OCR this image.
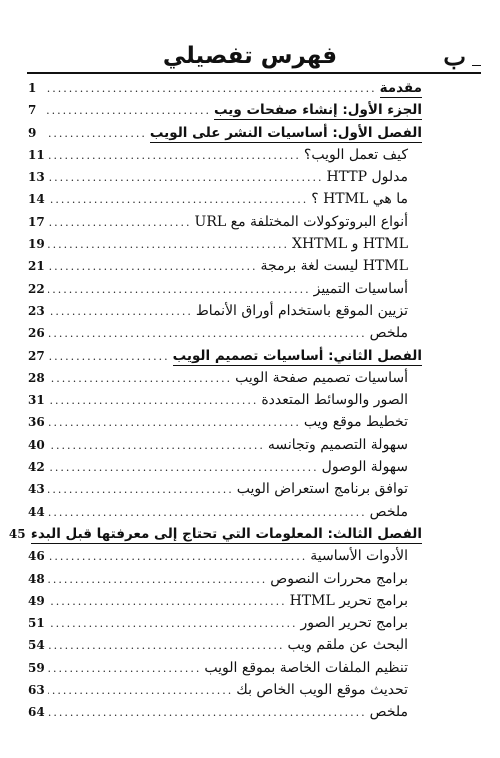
ب
فهرس تفصيلي
مقدمة
.....
1
الجزء الأول: إنشاء صفحات ويب
.....
7
الفصل الأول: أساسيات النشر على الويب
.....
9
كيف تعمل الويب؟
.....
11
مدلول HTTP
.....
13
ما هي HTML ؟
.....
14
أنواع البروتوكولات المختلفة مع URL
.....
17
HTML و XHTML
.....
19
HTML ليست لغة برمجة
.....
21
أساسيات التمييز
.....
22
تزيين الموقع باستخدام أوراق الأنماط
.....
23
ملخص
.....
26
الفصل الثاني: أساسيات تصميم الويب
.....
27
أساسيات تصميم صفحة الويب
.....
28
الصور والوسائط المتعددة
.....
31
تخطيط موقع ويب
.....
36
سهولة التصميم وتجانسه
.....
40
سهولة الوصول
.....
42
توافق برنامج استعراض الويب
.....
43
ملخص
.....
44
الفصل الثالث: المعلومات التي تحتاج إلى معرفتها قبل البدء
45
الأدوات الأساسية
.....
46
برامج محررات النصوص
.....
48
برامج تحرير HTML
.....
49
برامج تحرير الصور
.....
51
البحث عن ملقم ويب
.....
54
تنظيم الملفات الخاصة بموقع الويب
.....
59
تحديث موقع الويب الخاص بك
.....
63
ملخص
.....
64
